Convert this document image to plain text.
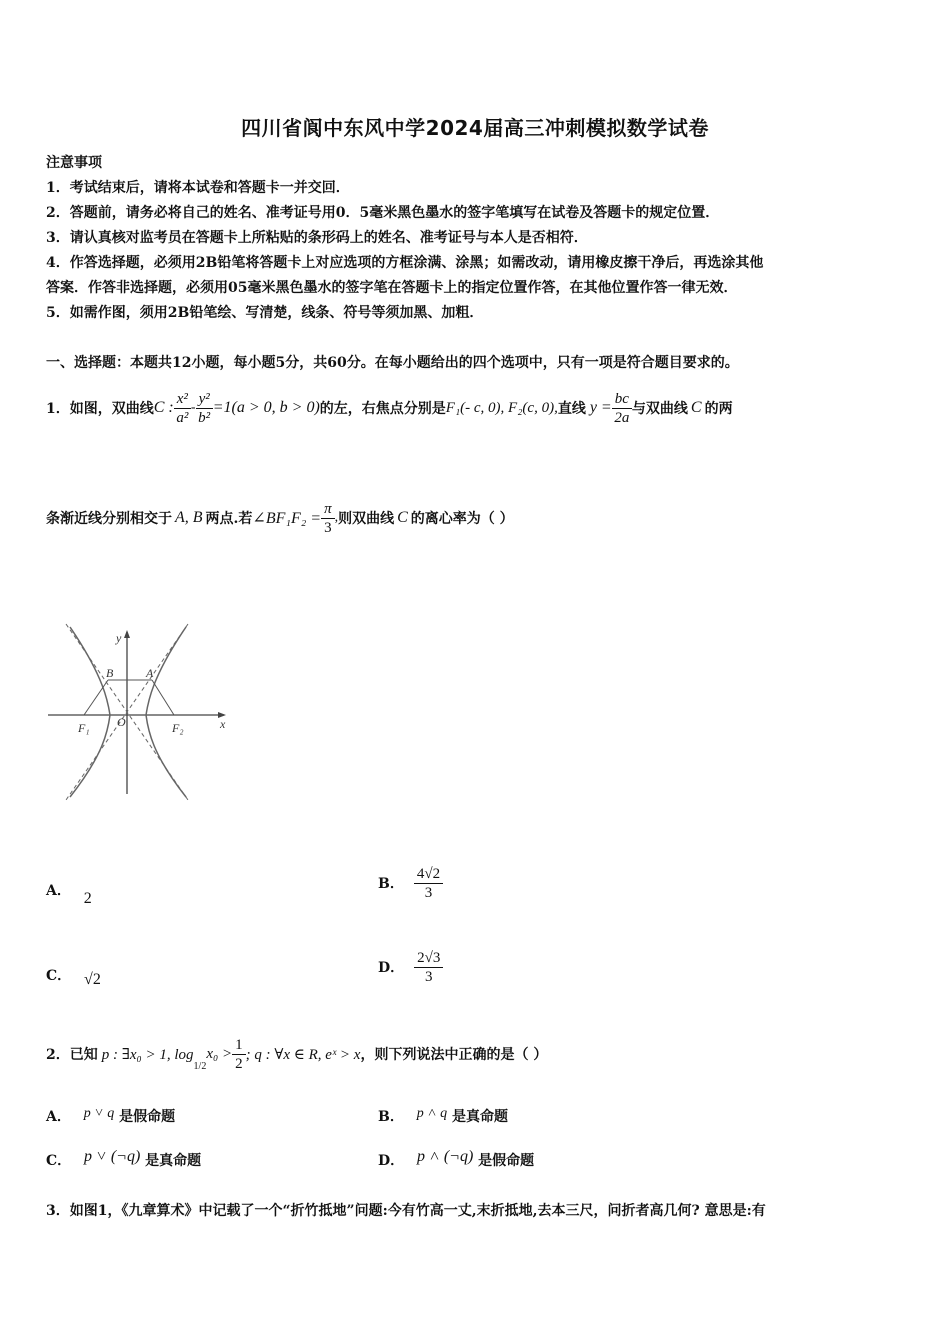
四川省阆中东风中学2024届高三冲刺模拟数学试卷
注意事项
1．考试结束后，请将本试卷和答题卡一并交回．
2．答题前，请务必将自己的姓名、准考证号用0．5毫米黑色墨水的签字笔填写在试卷及答题卡的规定位置．
3．请认真核对监考员在答题卡上所粘贴的条形码上的姓名、准考证号与本人是否相符．
4．作答选择题，必须用2B铅笔将答题卡上对应选项的方框涂满、涂黑；如需改动，请用橡皮擦干净后，再选涂其他
答案．作答非选择题，必须用05毫米黑色墨水的签字笔在答题卡上的指定位置作答，在其他位置作答一律无效．
5．如需作图，须用2B铅笔绘、写清楚，线条、符号等须加黑、加粗．
一、选择题：本题共12小题，每小题5分，共60分。在每小题给出的四个选项中，只有一项是符合题目要求的。
1．如图，双曲线 C : $\frac{\text{x²}}{\text{a²}} - \frac{\text{y²}}{\text{b²}} =1(a > 0$, b > 0) 的左，右焦点分别是 F₁(- c, 0), F₂(c, 0), 直线 $y = \frac{bc}{2a}$ 与双曲线 C 的两
条渐近线分别相交于 A, B 两点.若 ∠BF₁F₂ = $\frac{\pi}{3}$ , 则双曲线 C 的离心率为（ ）
y
x
O
A
B
F₁	F₂
A． 2
B． $\frac{4√2}{3}$
C． √2
D． $\frac{2√3}{3}$
2．已知 p : ∃x₀ > 1, log
1/2
$x_0 > \frac{1}{2}$ ; q : ∀x ∈ R, eˣ > x ，则下列说法中正确的是（ ）
A． p ˅ q 是假命题	B． p ˄ q 是真命题
C． p ˅ (¬q) 是真命题	D． p ˄ (¬q) 是假命题
3．如图1，《九章算术》中记载了一个“折竹抵地”问题:今有竹高一丈,末折抵地,去本三尺，问折者高几何? 意思是:有
